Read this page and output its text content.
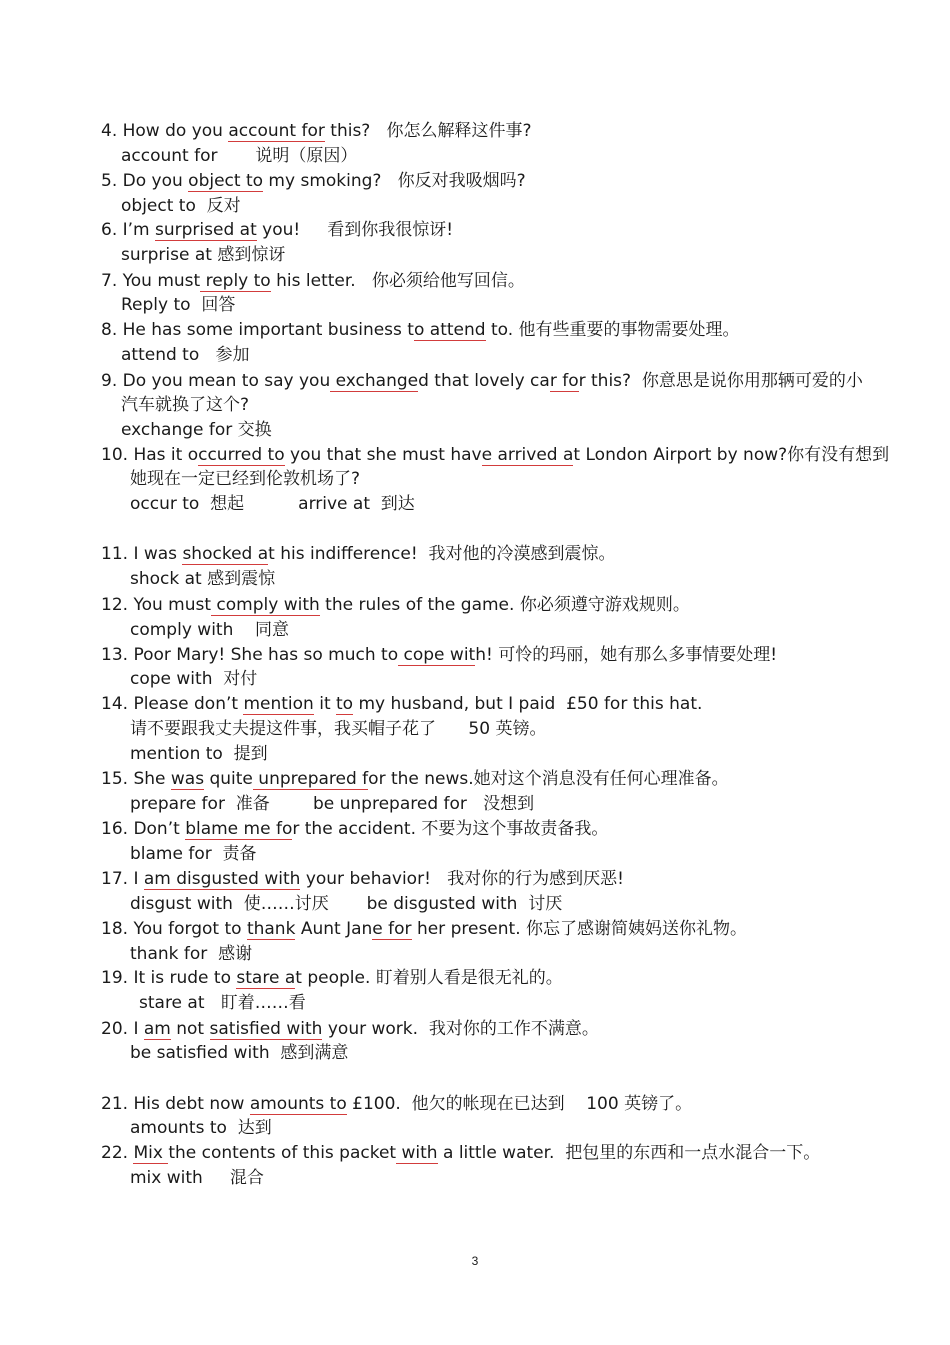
4. How do you account for this?   你怎么解释这件事?
account for       说明（原因）
5. Do you object to my smoking?   你反对我吸烟吗?
object to  反对
6. I’m surprised at you!     看到你我很惊讶!
surprise at 感到惊讶
7. You must reply to his letter.   你必须给他写回信。
Reply to  回答
8. He has some important business to attend to. 他有些重要的事物需要处理。
attend to   参加
9. Do you mean to say you exchanged that lovely car for this?  你意思是说你用那辆可爱的小
汽车就换了这个?
exchange for 交换
10. Has it occurred to you that she must have arrived at London Airport by now?你有没有想到
她现在一定已经到伦敦机场了?
occur to  想起          arrive at  到达
11. I was shocked at his indifference!  我对他的冷漠感到震惊。
shock at 感到震惊
12. You must comply with the rules of the game. 你必须遵守游戏规则。
comply with    同意
13. Poor Mary! She has so much to cope with! 可怜的玛丽，她有那么多事情要处理!
cope with  对付
14. Please don’t mention it to my husband, but I paid  £50 for this hat.
请不要跟我丈夫提这件事，我买帽子花了      50 英镑。
mention to  提到
15. She was quite unprepared for the news.她对这个消息没有任何心理准备。
prepare for  准备        be unprepared for   没想到
16. Don’t blame me for the accident. 不要为这个事故责备我。
blame for  责备
17. I am disgusted with your behavior!   我对你的行为感到厌恶!
disgust with  使……讨厌       be disgusted with  讨厌
18. You forgot to thank Aunt Jane for her present. 你忘了感谢简姨妈送你礼物。
thank for  感谢
19. It is rude to stare at people. 盯着别人看是很无礼的。
stare at   盯着……看
20. I am not satisfied with your work.  我对你的工作不满意。
be satisfied with  感到满意
21. His debt now amounts to £100.  他欠的帐现在已达到    100 英镑了。
amounts to  达到
22. Mix the contents of this packet with a little water.  把包里的东西和一点水混合一下。
mix with     混合
3
